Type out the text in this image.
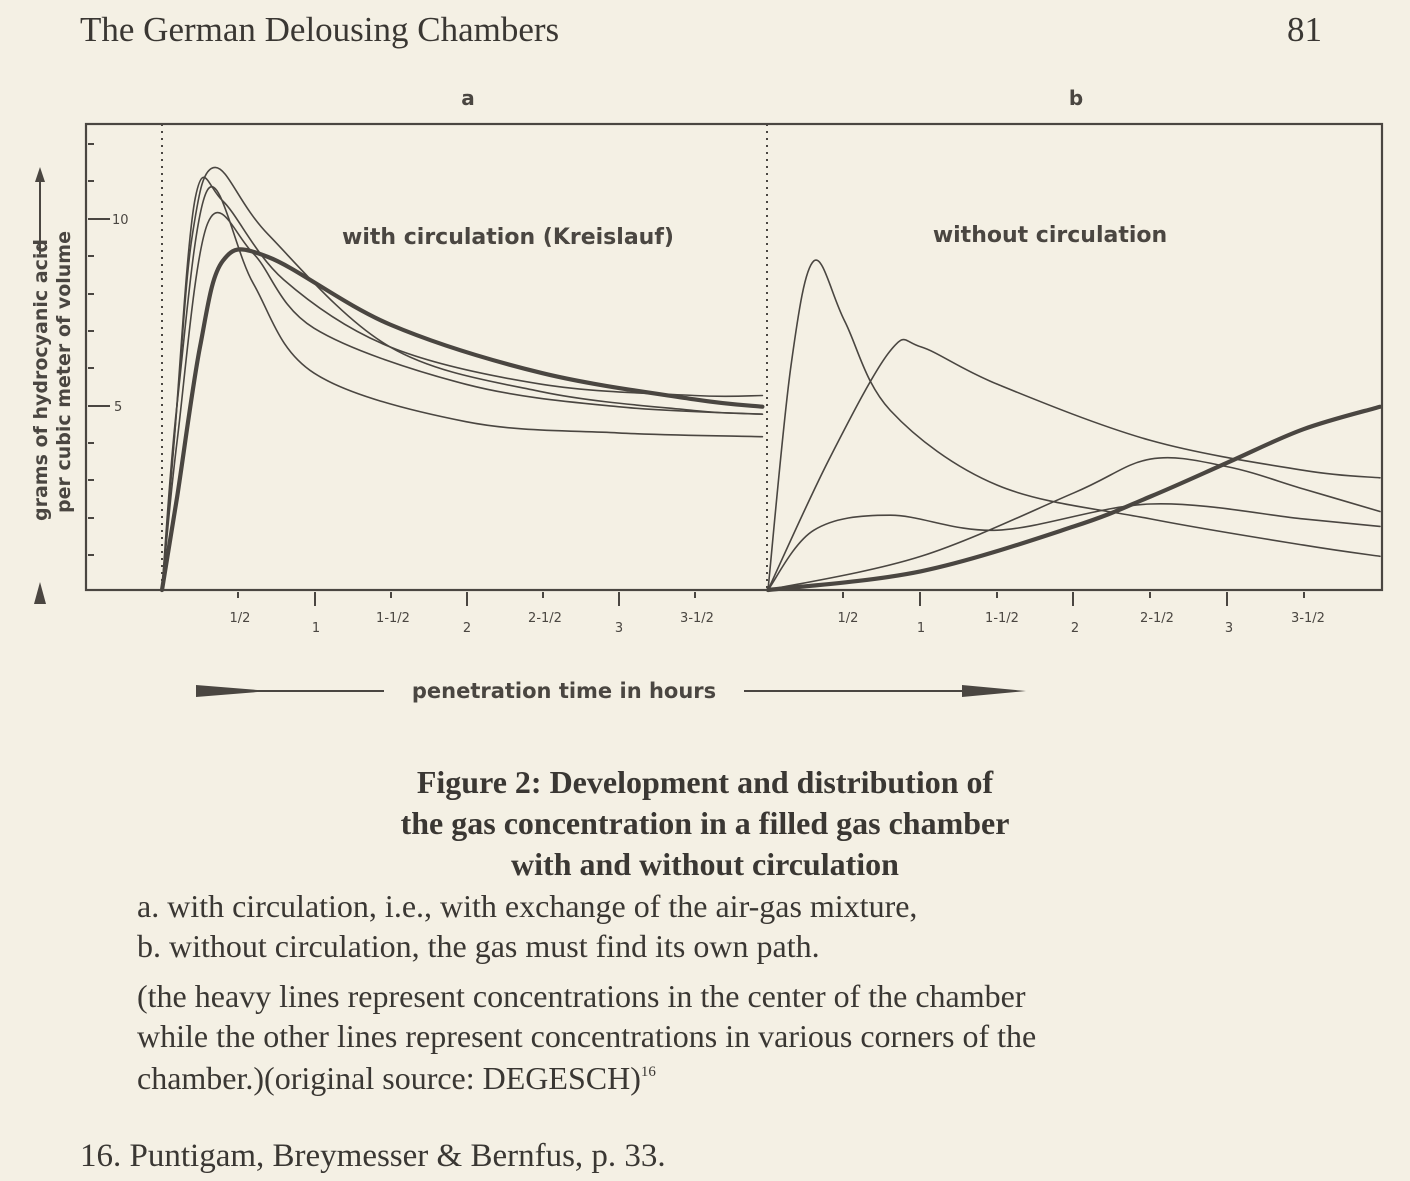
The German Delousing Chambers	81
a	b
10
5
grams of hydrocyanic acid per cubic meter of volume	with circulation (Kreislauf)	without circulation
1/2
1
1-1/2
2
2-1/2
3
3-1/2	1/2
1
1-1/2
2
2-1/2
3
3-1/2
penetration time in hours
Figure 2: Development and distribution of
the gas concentration in a filled gas chamber
with and without circulation
a. with circulation, i.e., with exchange of the air-gas mixture,
b. without circulation, the gas must find its own path.
(the heavy lines represent concentrations in the center of the chamber
while the other lines represent concentrations in various corners of the
chamber.)(original source: DEGESCH)$^{16}$
16. Puntigam, Breymesser & Bernfus, p. 33.
